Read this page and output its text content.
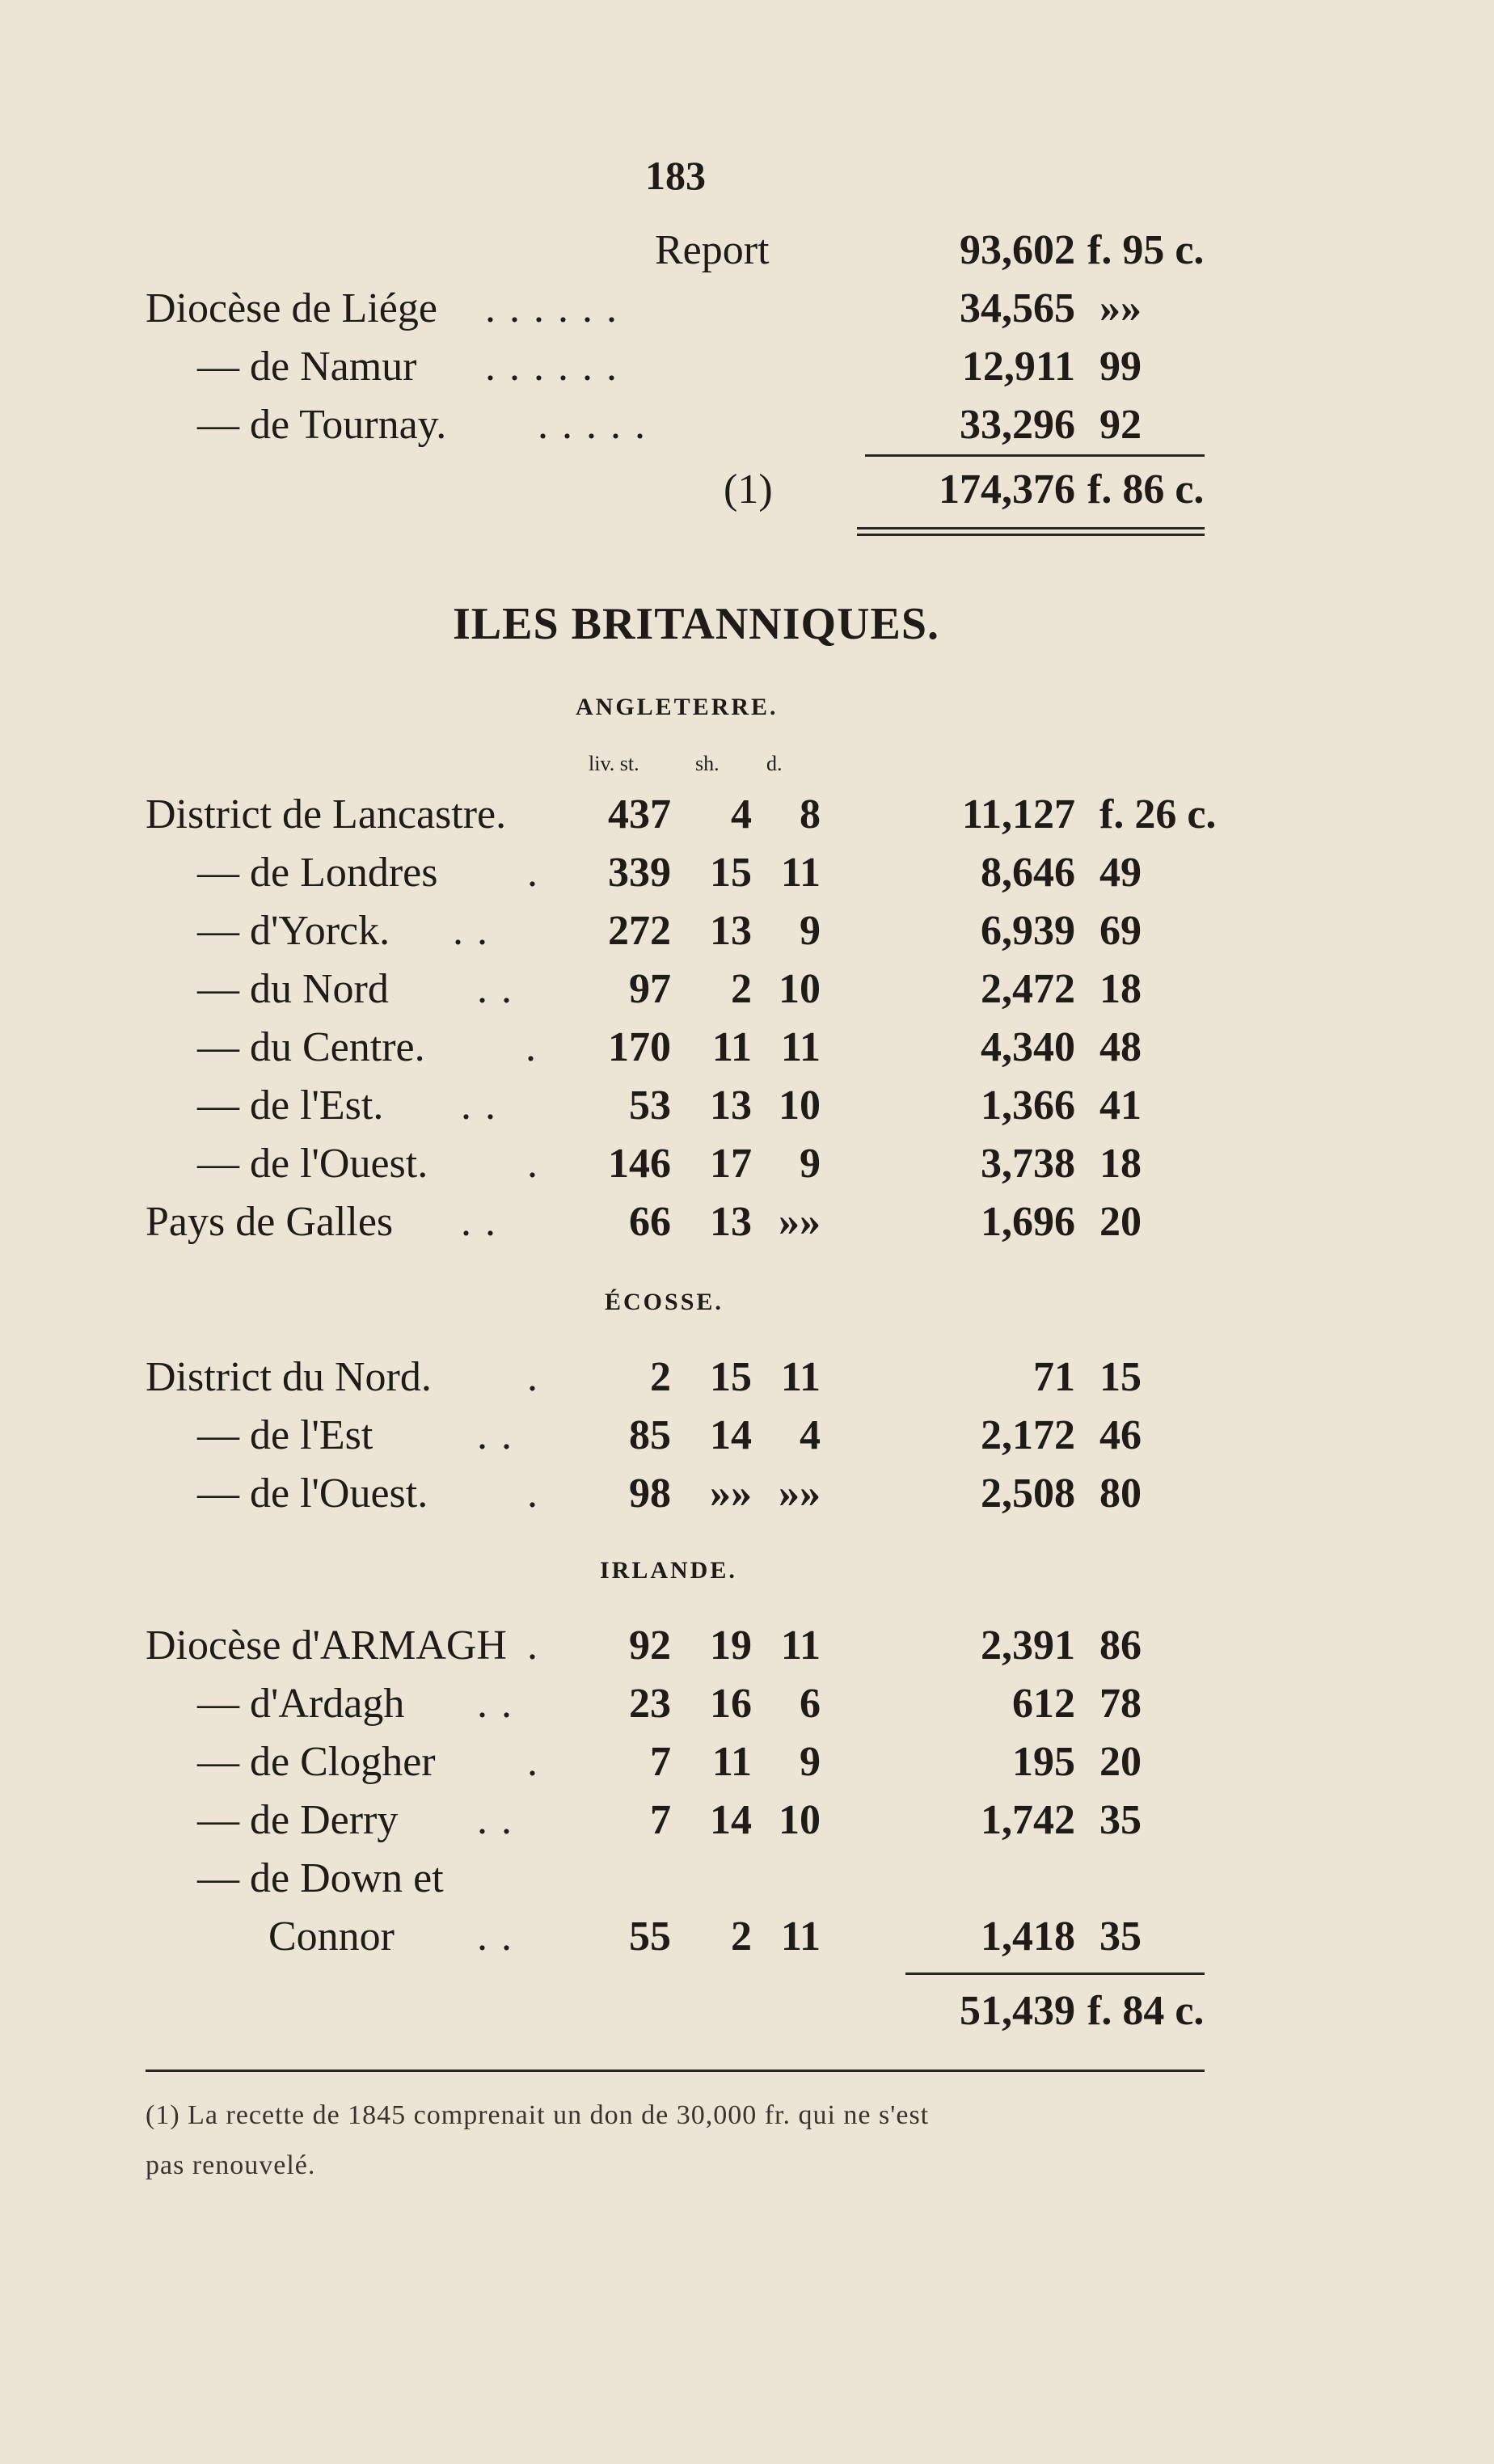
183
Report	93,602 f. 95 c.
Diocèse de Liége . . . . . .	34,565 »»
— de Namur . . . . . .	12,911 99
— de Tournay. . . . . .	33,296 92
(1)	174,376 f. 86 c.
ILES BRITANNIQUES.
ANGLETERRE.
liv. st.	sh. d.
District de Lancastre.	437	4	8	11,127 f. 26 c.
— de Londres .	339 15 11	8,646 49
— d'Yorck. . .	272 13	9	6,939 69
— du Nord . .	97	2 10	2,472 18
— du Centre. .	170 11 11	4,340 48
— de l'Est. . .	53 13 10	1,366 41
— de l'Ouest. .	146 17	9	3,738 18
Pays de Galles . .	66 13 »»	1,696 20
ÉCOSSE.
District du Nord. .	2 15 11	71 15
— de l'Est . .	85 14	4	2,172 46
— de l'Ouest. .	98 »» »»	2,508 80
IRLANDE.
Diocèse d'ARMAGH .	92 19 11	2,391 86
— d'Ardagh . .	23 16	6	612 78
— de Clogher .	7 11	9	195 20
— de Derry . .	7 14 10	1,742 35
— de Down et
Connor . .	55	2 11	1,418 35
51,439 f. 84 c.
(1) La recette de 1845 comprenait un don de 30,000 fr. qui ne s'est
pas renouvelé.
